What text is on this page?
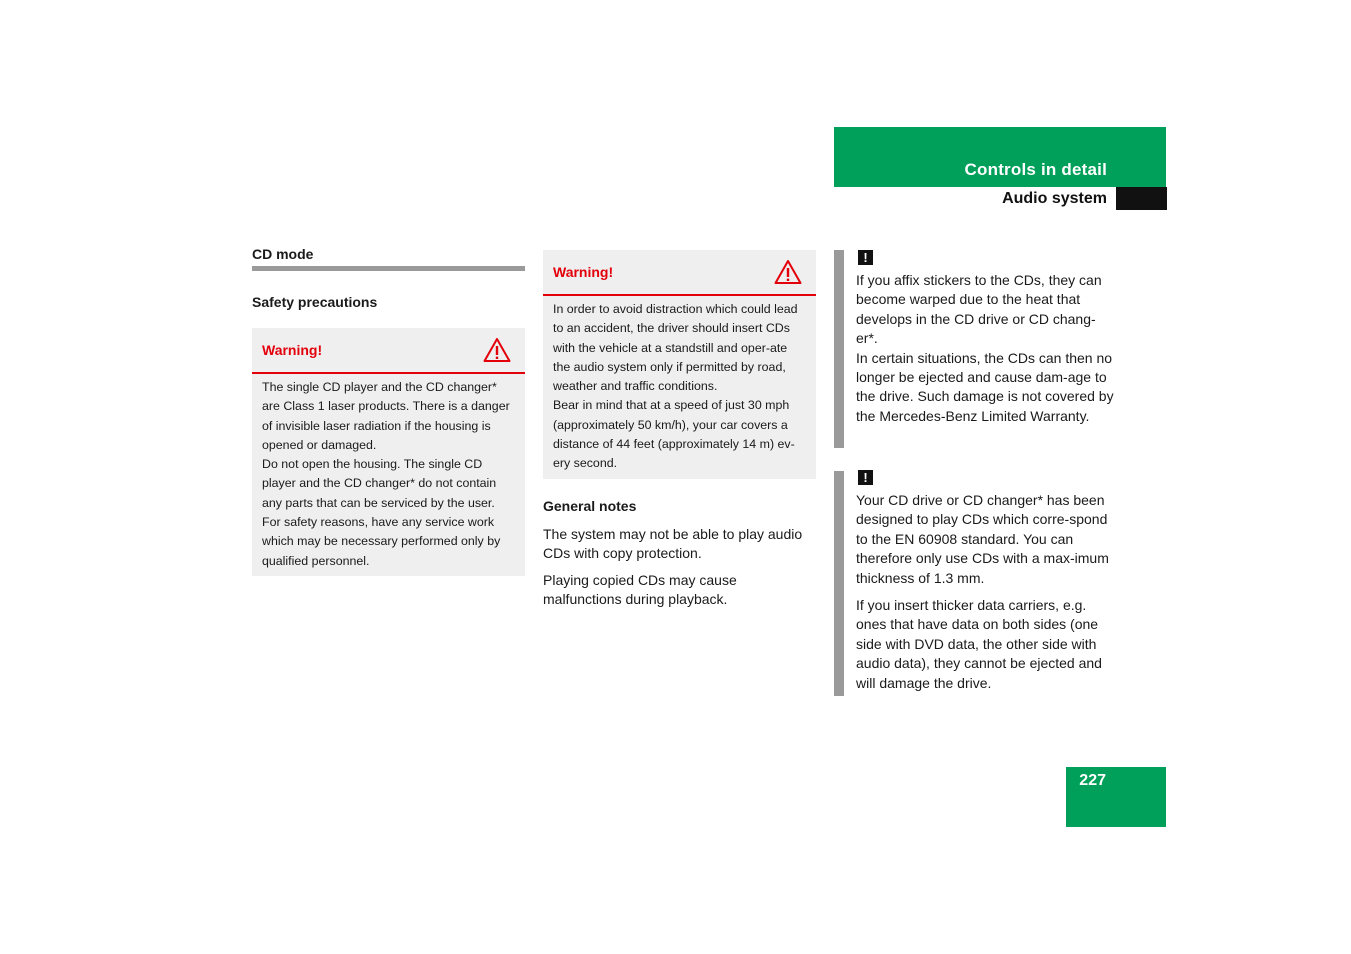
Controls in detail
Audio system
CD mode
Safety precautions
Warning!
The single CD player and the CD changer* are Class 1 laser products. There is a danger of invisible laser radiation if the housing is opened or damaged.
Do not open the housing. The single CD player and the CD changer* do not contain any parts that can be serviced by the user. For safety reasons, have any service work which may be necessary performed only by qualified personnel.
Warning!
In order to avoid distraction which could lead to an accident, the driver should insert CDs with the vehicle at a standstill and oper-ate the audio system only if permitted by road, weather and traffic conditions.
Bear in mind that at a speed of just 30 mph (approximately 50 km/h), your car covers a distance of 44 feet (approximately 14 m) ev-ery second.
General notes
The system may not be able to play audio CDs with copy protection.
Playing copied CDs may cause malfunctions during playback.
!
If you affix stickers to the CDs, they can become warped due to the heat that develops in the CD drive or CD chang-er*.
In certain situations, the CDs can then no longer be ejected and cause dam-age to the drive. Such damage is not covered by the Mercedes-Benz Limited Warranty.
!
Your CD drive or CD changer* has been designed to play CDs which corre-spond to the EN 60908 standard. You can therefore only use CDs with a max-imum thickness of 1.3 mm.
If you insert thicker data carriers, e.g. ones that have data on both sides (one side with DVD data, the other side with audio data), they cannot be ejected and will damage the drive.
227
